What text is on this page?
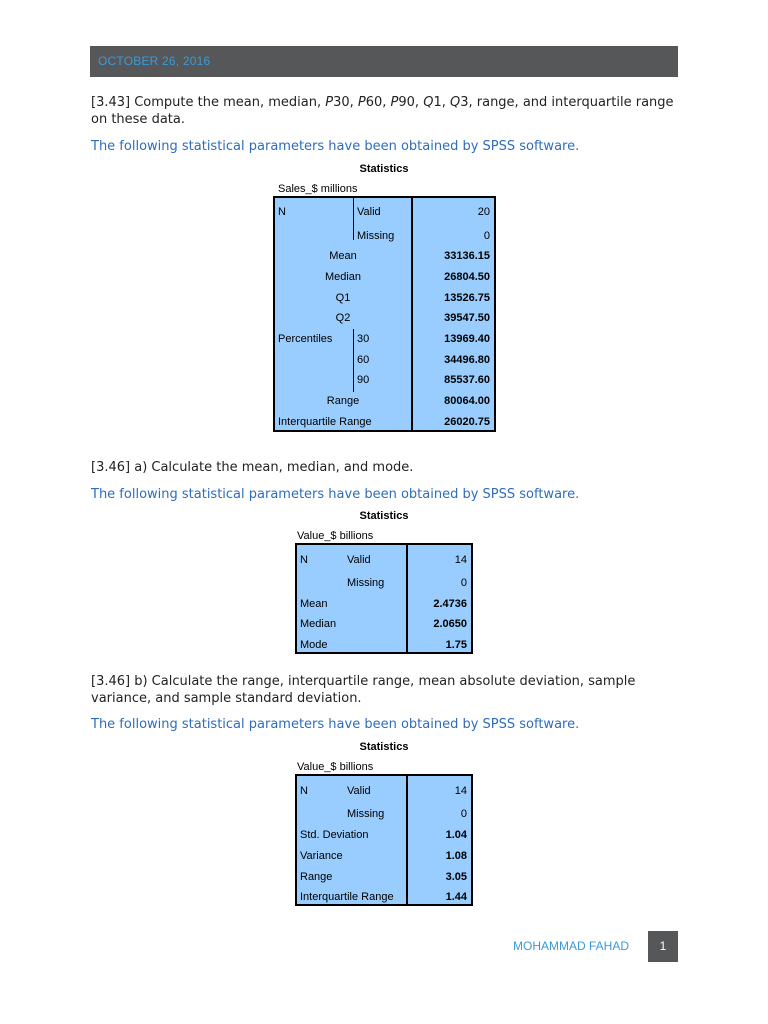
OCTOBER 26, 2016
[3.43] Compute the mean, median, P30, P60, P90, Q1, Q3, range, and interquartile range on these data.
The following statistical parameters have been obtained by SPSS software.
Statistics
Sales_$ millions
N	Valid	20
Missing	0
Mean	33136.15
Median	26804.50
Q1	13526.75
Q2	39547.50
Percentiles 30	13969.40
60	34496.80
90	85537.60
Range	80064.00
Interquartile Range	26020.75
[3.46] a) Calculate the mean, median, and mode.
The following statistical parameters have been obtained by SPSS software.
Statistics
Value_$ billions
N	Valid	14
Missing	0
Mean	2.4736
Median	2.0650
Mode	1.75
[3.46] b) Calculate the range, interquartile range, mean absolute deviation, sample variance, and sample standard deviation.
The following statistical parameters have been obtained by SPSS software.
Statistics
Value_$ billions
N	Valid	14
Missing	0
Std. Deviation	1.04
Variance	1.08
Range	3.05
Interquartile Range	1.44
MOHAMMAD FAHAD	1
